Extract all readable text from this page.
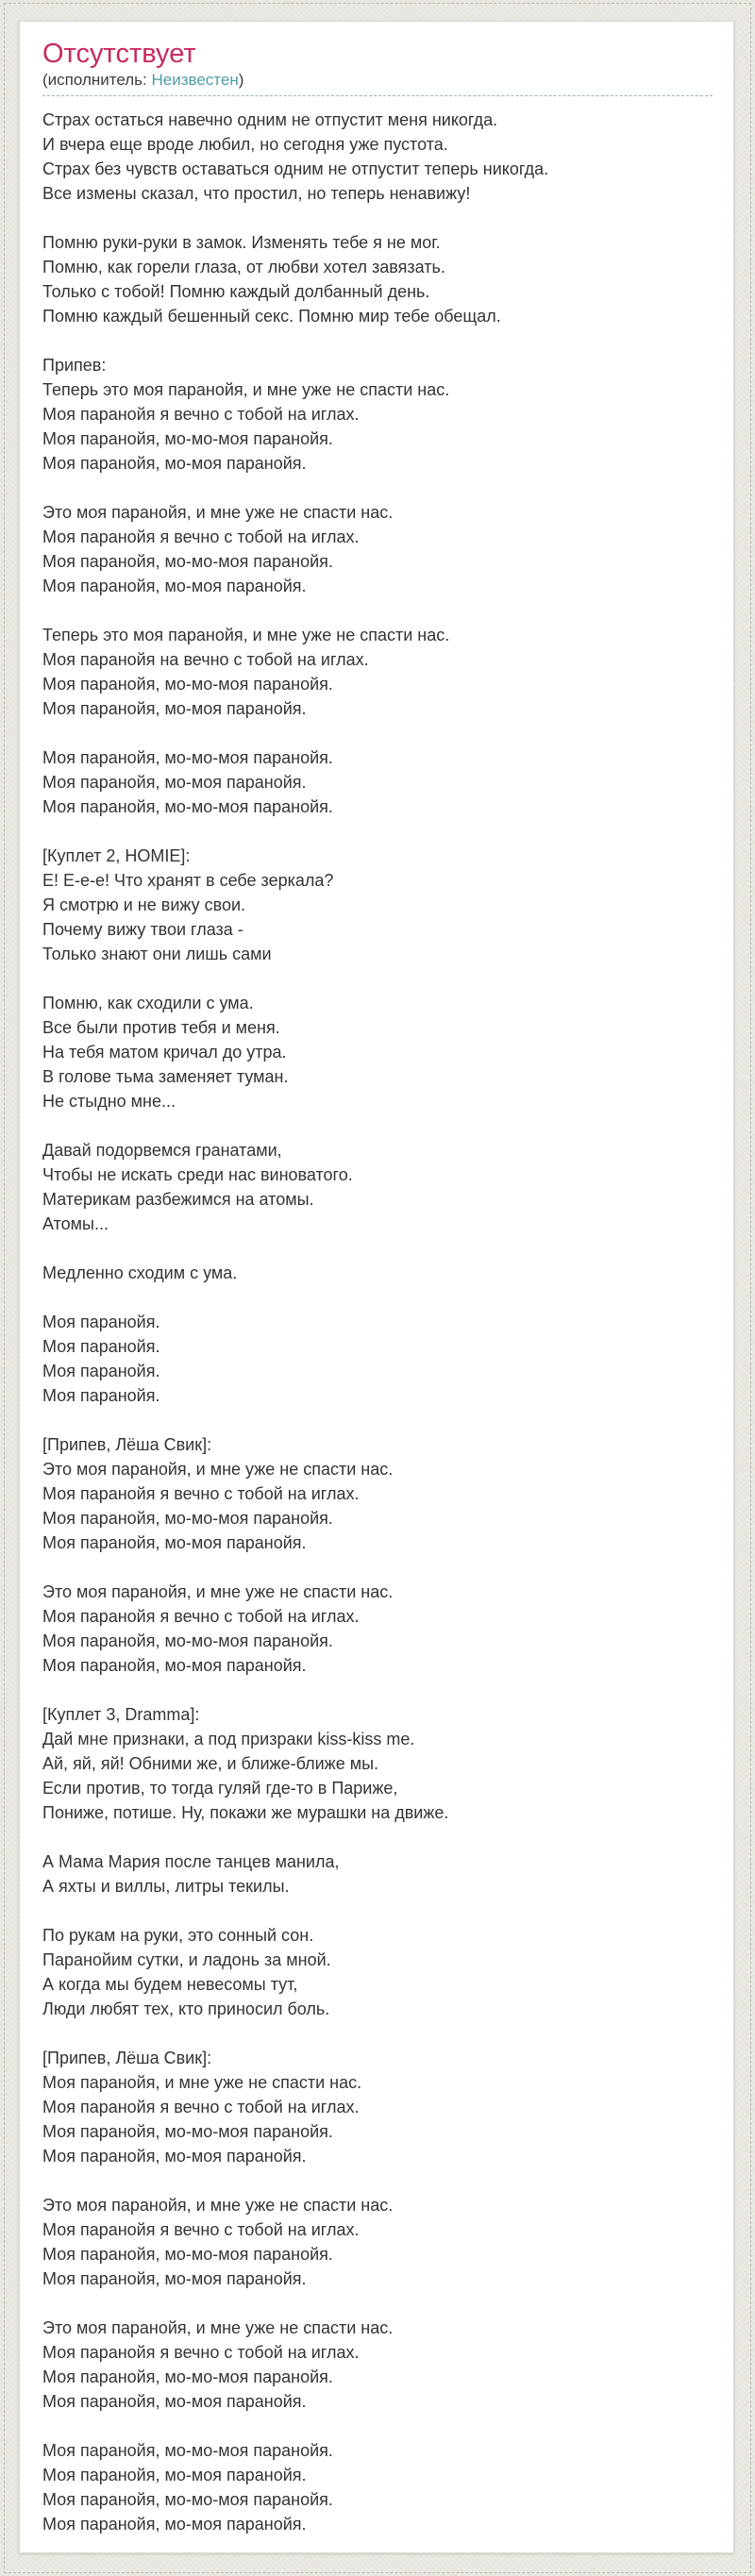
Отсутствует
(исполнитель: Неизвестен)

Страх остаться навечно одним не отпустит меня никогда.
И вчера еще вроде любил, но сегодня уже пустота.
Страх без чувств оставаться одним не отпустит теперь никогда.
Все измены сказал, что простил, но теперь ненавижу!

Помню руки-руки в замок. Изменять тебе я не мог.
Помню, как горели глаза, от любви хотел завязать.
Только с тобой! Помню каждый долбанный день.
Помню каждый бешенный секс. Помню мир тебе обещал.

Припев:
Теперь это моя паранойя, и мне уже не спасти нас.
Моя паранойя я вечно с тобой на иглах.
Моя паранойя, мо-мо-моя паранойя.
Моя паранойя, мо-моя паранойя.

Это моя паранойя, и мне уже не спасти нас.
Моя паранойя я вечно с тобой на иглах.
Моя паранойя, мо-мо-моя паранойя.
Моя паранойя, мо-моя паранойя.

Теперь это моя паранойя, и мне уже не спасти нас.
Моя паранойя на вечно с тобой на иглах.
Моя паранойя, мо-мо-моя паранойя.
Моя паранойя, мо-моя паранойя.

Моя паранойя, мо-мо-моя паранойя.
Моя паранойя, мо-моя паранойя.
Моя паранойя, мо-мо-моя паранойя.

[Куплет 2, HOMIE]:
Е! Е-е-е! Что хранят в себе зеркала?
Я смотрю и не вижу свои.
Почему вижу твои глаза -
Только знают они лишь сами

Помню, как сходили с ума.
Все были против тебя и меня.
На тебя матом кричал до утра.
В голове тьма заменяет туман.
Не стыдно мне...

Давай подорвемся гранатами,
Чтобы не искать среди нас виноватого.
Материкам разбежимся на атомы.
Атомы...

Медленно сходим с ума.

Моя паранойя.
Моя паранойя.
Моя паранойя.
Моя паранойя.

[Припев, Лёша Свик]:
Это моя паранойя, и мне уже не спасти нас.
Моя паранойя я вечно с тобой на иглах.
Моя паранойя, мо-мо-моя паранойя.
Моя паранойя, мо-моя паранойя.

Это моя паранойя, и мне уже не спасти нас.
Моя паранойя я вечно с тобой на иглах.
Моя паранойя, мо-мо-моя паранойя.
Моя паранойя, мо-моя паранойя.

[Куплет 3, Dramma]:
Дай мне признаки, а под призраки kiss-kiss me.
Ай, яй, яй! Обними же, и ближе-ближе мы.
Если против, то тогда гуляй где-то в Париже,
Пониже, потише. Ну, покажи же мурашки на движе.

А Мама Мария после танцев манила,
А яхты и виллы, литры текилы.

По рукам на руки, это сонный сон.
Паранойим сутки, и ладонь за мной.
А когда мы будем невесомы тут,
Люди любят тех, кто приносил боль.

[Припев, Лёша Свик]:
Моя паранойя, и мне уже не спасти нас.
Моя паранойя я вечно с тобой на иглах.
Моя паранойя, мо-мо-моя паранойя.
Моя паранойя, мо-моя паранойя.

Это моя паранойя, и мне уже не спасти нас.
Моя паранойя я вечно с тобой на иглах.
Моя паранойя, мо-мо-моя паранойя.
Моя паранойя, мо-моя паранойя.

Это моя паранойя, и мне уже не спасти нас.
Моя паранойя я вечно с тобой на иглах.
Моя паранойя, мо-мо-моя паранойя.
Моя паранойя, мо-моя паранойя.

Моя паранойя, мо-мо-моя паранойя.
Моя паранойя, мо-моя паранойя.
Моя паранойя, мо-мо-моя паранойя.
Моя паранойя, мо-моя паранойя.
